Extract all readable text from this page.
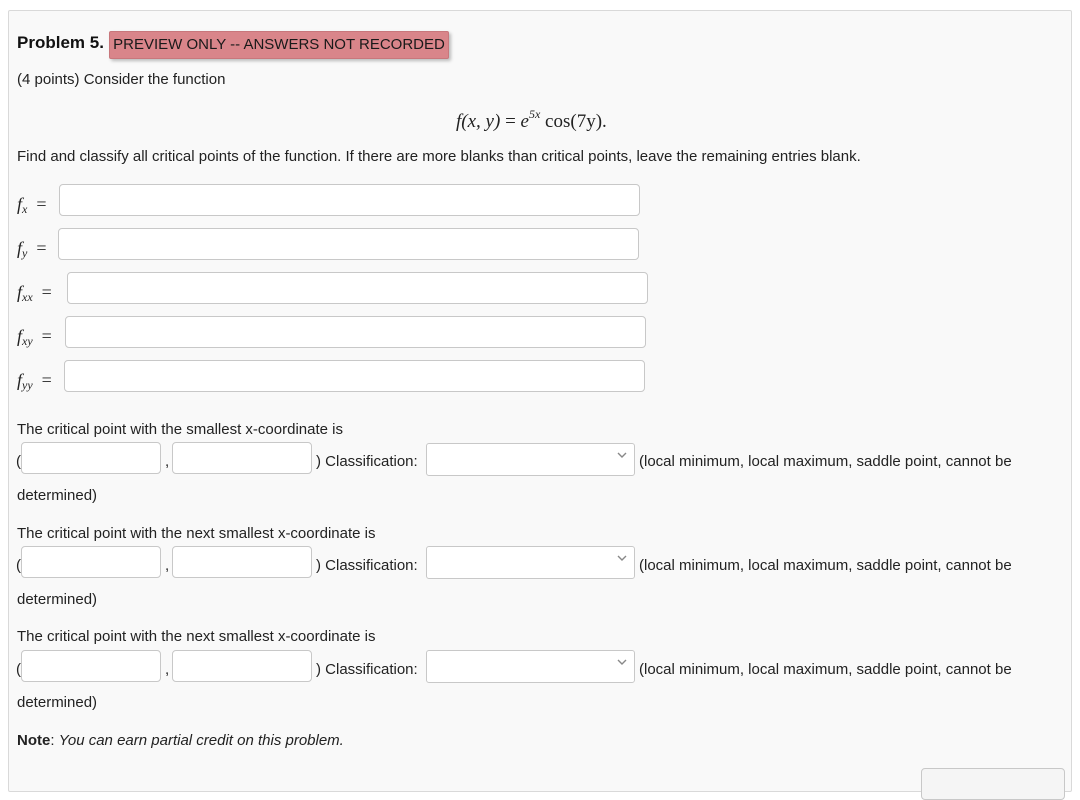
Problem 5. PREVIEW ONLY -- ANSWERS NOT RECORDED
(4 points) Consider the function
f(x, $y) = e^{5x}$ cos(7y).
Find and classify all critical points of the function. If there are more blanks than critical points, leave the remaining entries blank.
$f_x$ =
$f_y$ =
$f_{xx}$ =
$f_{xy}$ =
$f_{yy}$ =
The critical point with the smallest x-coordinate is
(	,	) Classification:	(local minimum, local maximum, saddle point, cannot be
determined)
The critical point with the next smallest x-coordinate is
(	,	) Classification:	(local minimum, local maximum, saddle point, cannot be
determined)
The critical point with the next smallest x-coordinate is
(	,	) Classification:	(local minimum, local maximum, saddle point, cannot be
determined)
Note: You can earn partial credit on this problem.
